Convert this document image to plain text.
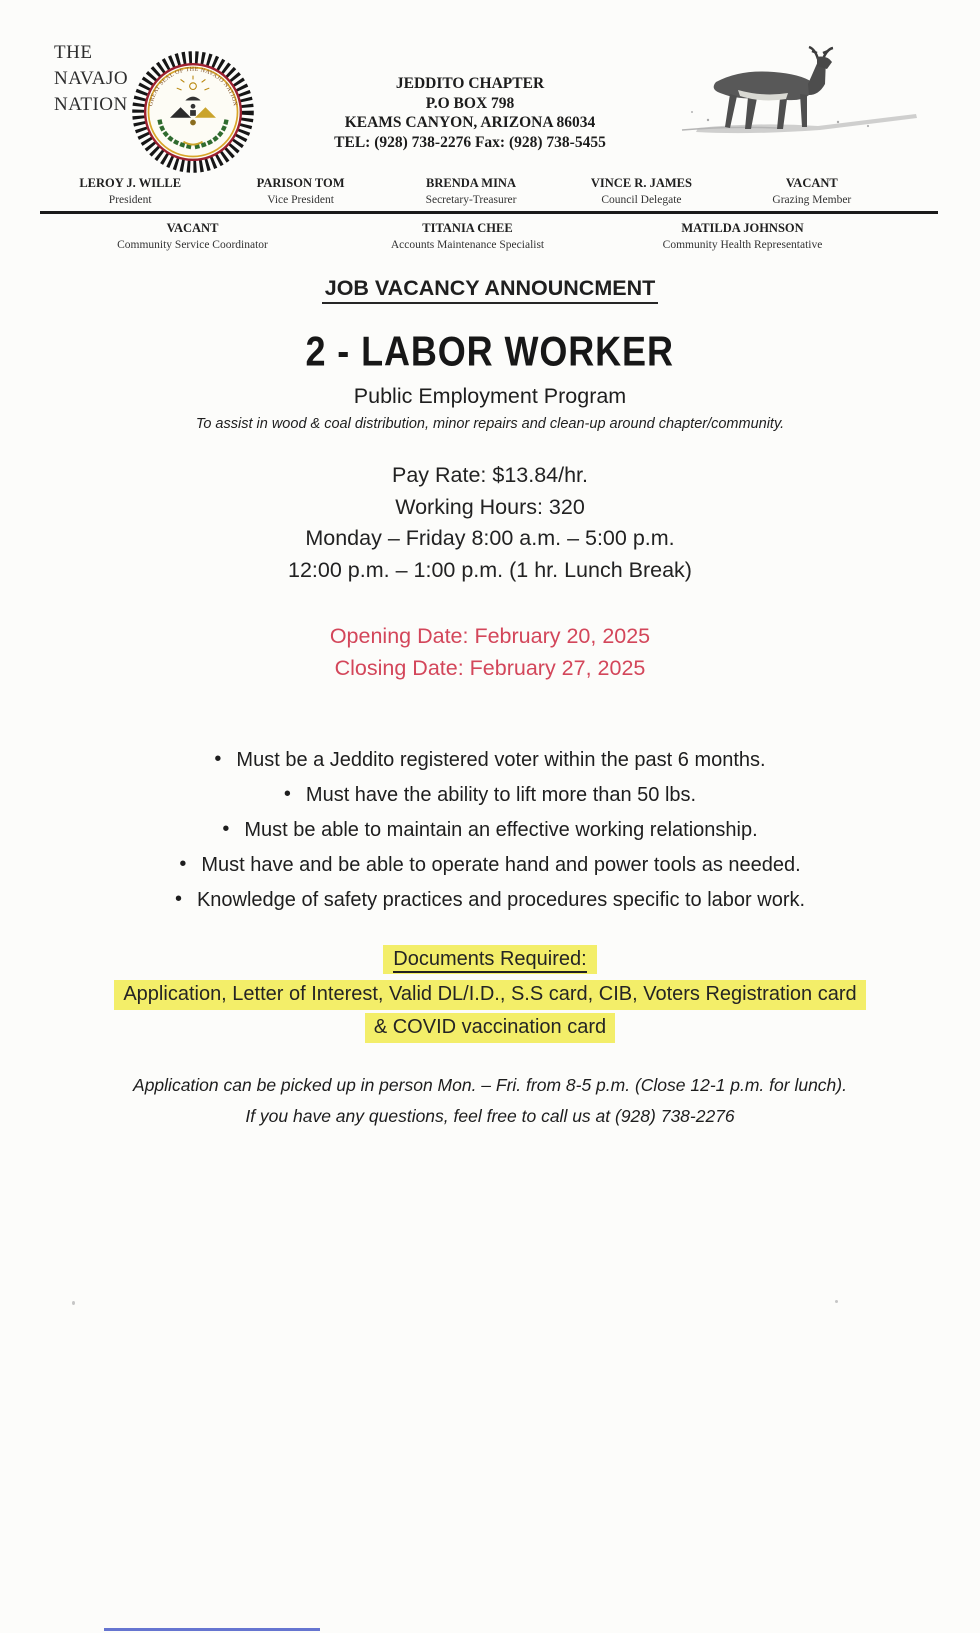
THE
NAVAJO
NATION	GREAT SEAL OF THE NAVAJO NATION
JEDDITO CHAPTER
P.O BOX 798
KEAMS CANYON, ARIZONA 86034
TEL: (928) 738-2276 Fax: (928) 738-5455
LEROY J. WILLE
President
PARISON TOM
Vice President
BRENDA MINA
Secretary-Treasurer
VINCE R. JAMES
Council Delegate
VACANT
Grazing Member
VACANT
Community Service Coordinator
TITANIA CHEE
Accounts Maintenance Specialist
MATILDA JOHNSON
Community Health Representative
JOB VACANCY ANNOUNCMENT
2 - LABOR WORKER
Public Employment Program
To assist in wood & coal distribution, minor repairs and clean-up around chapter/community.
Pay Rate: $13.84/hr.
Working Hours: 320
Monday – Friday 8:00 a.m. – 5:00 p.m.
12:00 p.m. – 1:00 p.m. (1 hr. Lunch Break)
Opening Date: February 20, 2025
Closing Date: February 27, 2025
• Must be a Jeddito registered voter within the past 6 months.
• Must have the ability to lift more than 50 lbs.
• Must be able to maintain an effective working relationship.
• Must have and be able to operate hand and power tools as needed.
• Knowledge of safety practices and procedures specific to labor work.
Documents Required:
Application, Letter of Interest, Valid DL/I.D., S.S card, CIB, Voters Registration card
& COVID vaccination card
Application can be picked up in person Mon. – Fri. from 8-5 p.m. (Close 12-1 p.m. for lunch).
If you have any questions, feel free to call us at (928) 738-2276
